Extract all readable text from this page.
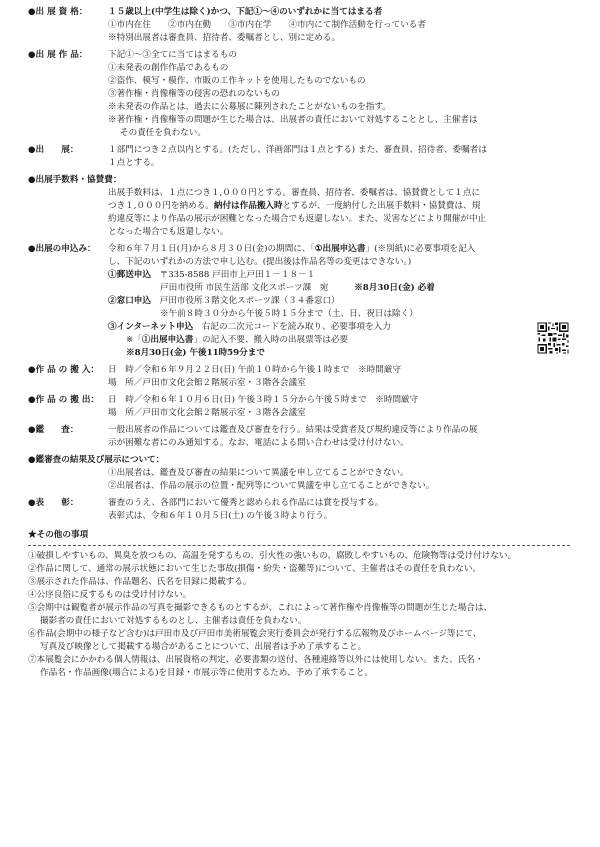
●出 展 資 格：	１５歳以上(中学生は除く)かつ、下記①～④のいずれかに当てはまる者
①市内在住　　②市内在勤　　③市内在学　　④市内にて制作活動を行っている者
※特別出展者は審査員、招待者、委嘱者とし、別に定める。
●出 展 作 品：	下記①～③全てに当てはまるもの
①未発表の創作作品であるもの
②盗作、模写・模作、市販の工作キットを使用したものでないもの
③著作権・肖像権等の侵害の恐れのないもの
※未発表の作品とは、過去に公募展に陳列されたことがないものを指す。
※著作権・肖像権等の問題が生じた場合は、出展者の責任において対処することとし、主催者は
その責任を負わない。
●出　　展：	１部門につき２点以内とする。(ただし、洋画部門は１点とする) また、審査員、招待者、委嘱者は
１点とする。
●出展手数料・協賛費：
出展手数料は、１点につき１,０００円とする。審査員、招待者、委嘱者は、協賛費として１点に
つき１,０００円を納める。納付は作品搬入時とするが、一度納付した出展手数料・協賛費は、規
約違反等により作品の展示が困難となった場合でも返還しない。また、災害などにより開催が中止
となった場合でも返還しない。
●出展の申込み：	令和６年７月１日(月)から８月３０日(金)の期間に、「①出展申込書」(※別紙)に必要事項を記入
し、下記のいずれかの方法で申し込む。(提出後は作品名等の変更はできない。)
①郵送申込　 〒335-8588 戸田市上戸田１－１８－１
戸田市役所 市民生活部 文化スポーツ課　宛　　　	※8月30日(金) 必着
②窓口申込　 戸田市役所３階文化スポーツ課（３４番窓口）
※午前８時３０分から午後５時１５分まで（土、日、祝日は除く）
③インターネット申込　 右記の二次元コードを読み取り、必要事項を入力
※「①出展申込書」の記入不要、搬入時の出展票等は必要
※8月30日(金) 午後11時59分まで
●作 品 の 搬 入：	日　時／令和６年９月２２日(日) 午前１０時から午後１時まで　※時間厳守
場　所／戸田市文化会館２階展示室・３階各会議室
●作 品 の 搬 出：	日　時／令和６年１０月６日(日) 午後３時１５分から午後５時まで　※時間厳守
場　所／戸田市文化会館２階展示室・３階各会議室
●鑑　　査：	一般出展者の作品については鑑査及び審査を行う。結果は受賞者及び規約違反等により作品の展
示が困難な者にのみ通知する。なお、電話による問い合わせは受け付けない。
●鑑審査の結果及び展示について：
①出展者は、鑑査及び審査の結果について異議を申し立てることができない。
②出展者は、作品の展示の位置・配列等について異議を申し立てることができない。
●表　　彰：	審査のうえ、各部門において優秀と認められる作品には賞を授与する。
表彰式は、令和６年１０月５日(土) の午後３時より行う。
★その他の事項
①破損しやすいもの、異臭を放つもの、高温を発するもの、引火性の強いもの、腐敗しやすいもの、危険物等は受け付けない。
②作品に関して、通常の展示状態において生じた事故(損傷・紛失・盗難等)について、主催者はその責任を負わない。
③展示された作品は、作品題名、氏名を目録に掲載する。
④公序良俗に反するものは受け付けない。
⑤会期中は観覧者が展示作品の写真を撮影できるものとするが、これによって著作権や肖像権等の問題が生じた場合は、
撮影者の責任において対処するものとし、主催者は責任を負わない。
⑥作品(会期中の様子など含む)は戸田市及び戸田市美術展覧会実行委員会が発行する広報物及びホームページ等にて、
写真及び映像として掲載する場合があることについて、出展者は予め了承すること。
⑦本展覧会にかかわる個人情報は、出展資格の判定、必要書類の送付、各種連絡等以外には使用しない。また、氏名・
作品名・作品画像(場合による)を目録・市展示等に使用するため、予め了承すること。
